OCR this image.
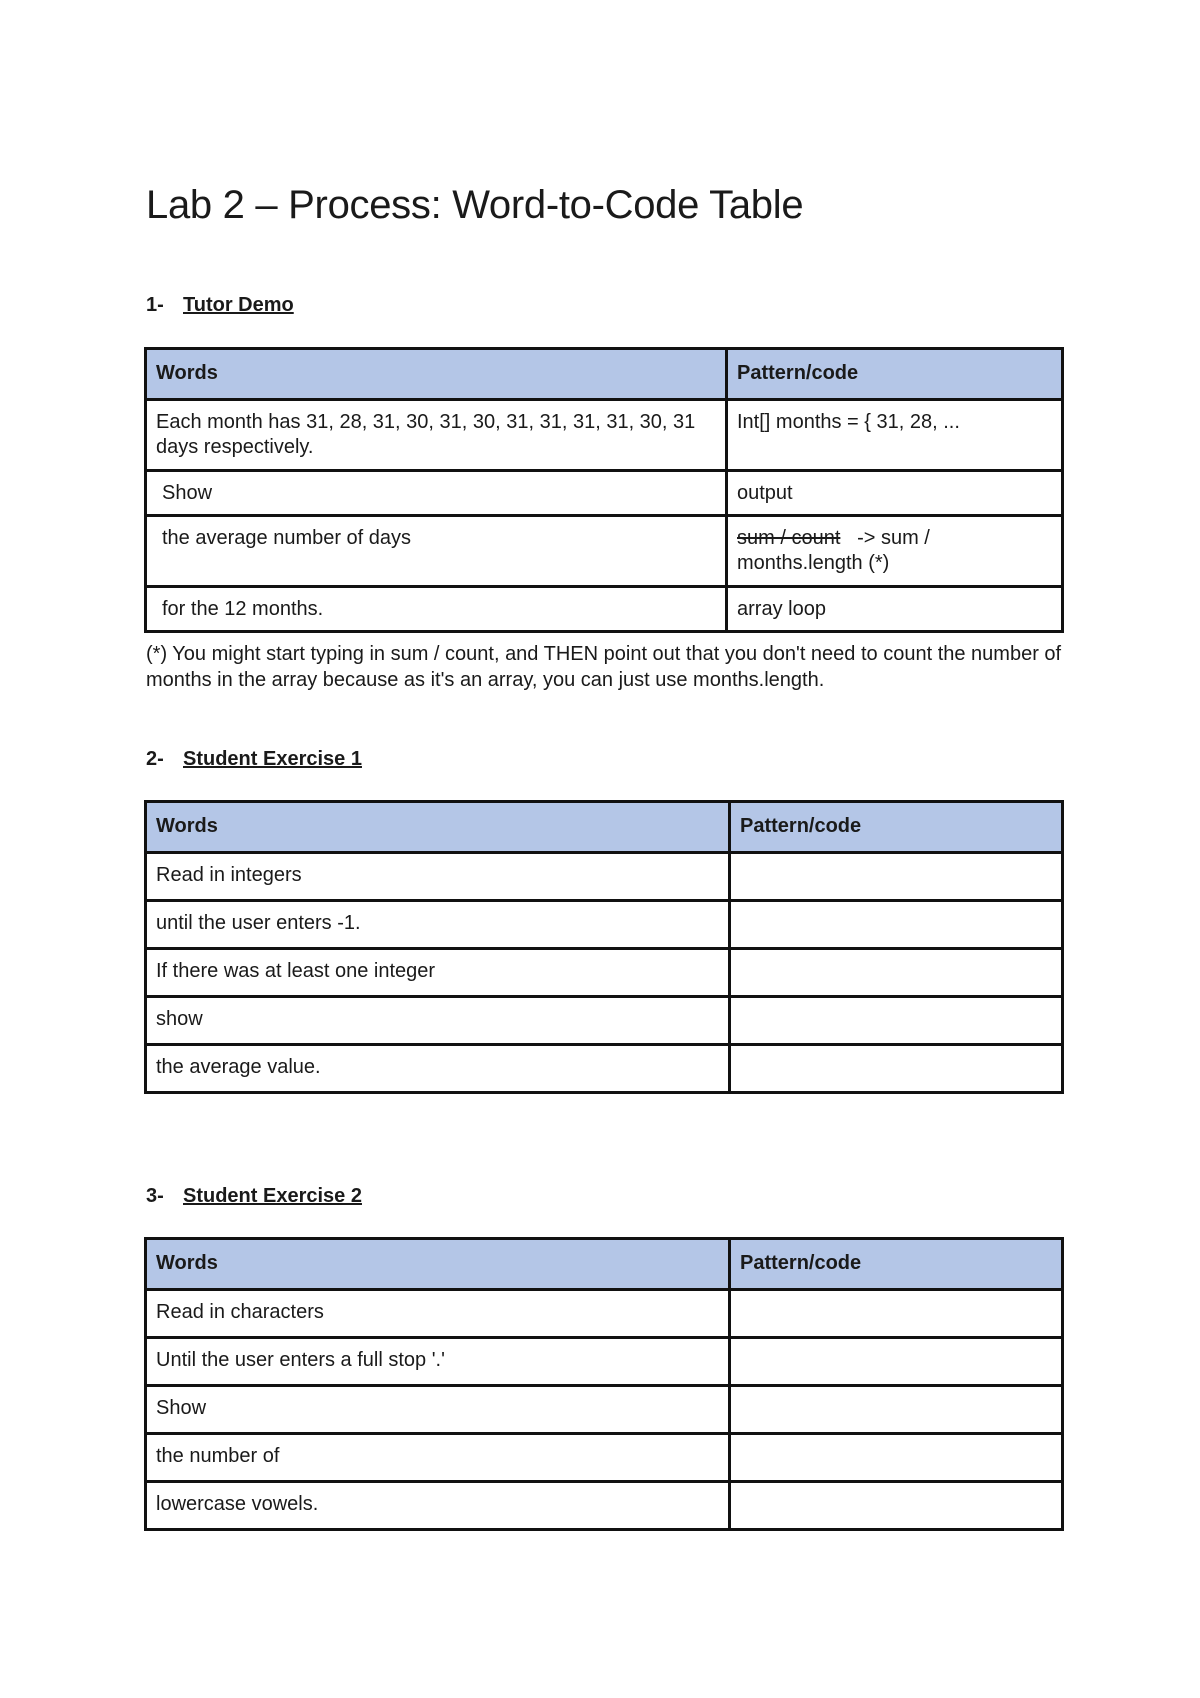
Lab 2 – Process: Word-to-Code Table
1- Tutor Demo
Words	Pattern/code
Each month has 31, 28, 31, 30, 31, 30, 31, 31, 31, 31, 30, 31 days respectively.	Int[] months = { 31, 28, ...
Show	output
the average number of days	sum / count -> sum / months.length (*)
for the 12 months.	array loop

(*) You might start typing in sum / count, and THEN point out that you don't need to count the number of months in the array because as it's an array, you can just use months.length.

2- Student Exercise 1
Words	Pattern/code
Read in integers	
until the user enters -1.	
If there was at least one integer	
show	
the average value.	
3- Student Exercise 2
Words	Pattern/code
Read in characters	
Until the user enters a full stop '.'	
Show	
the number of	
lowercase vowels.	
